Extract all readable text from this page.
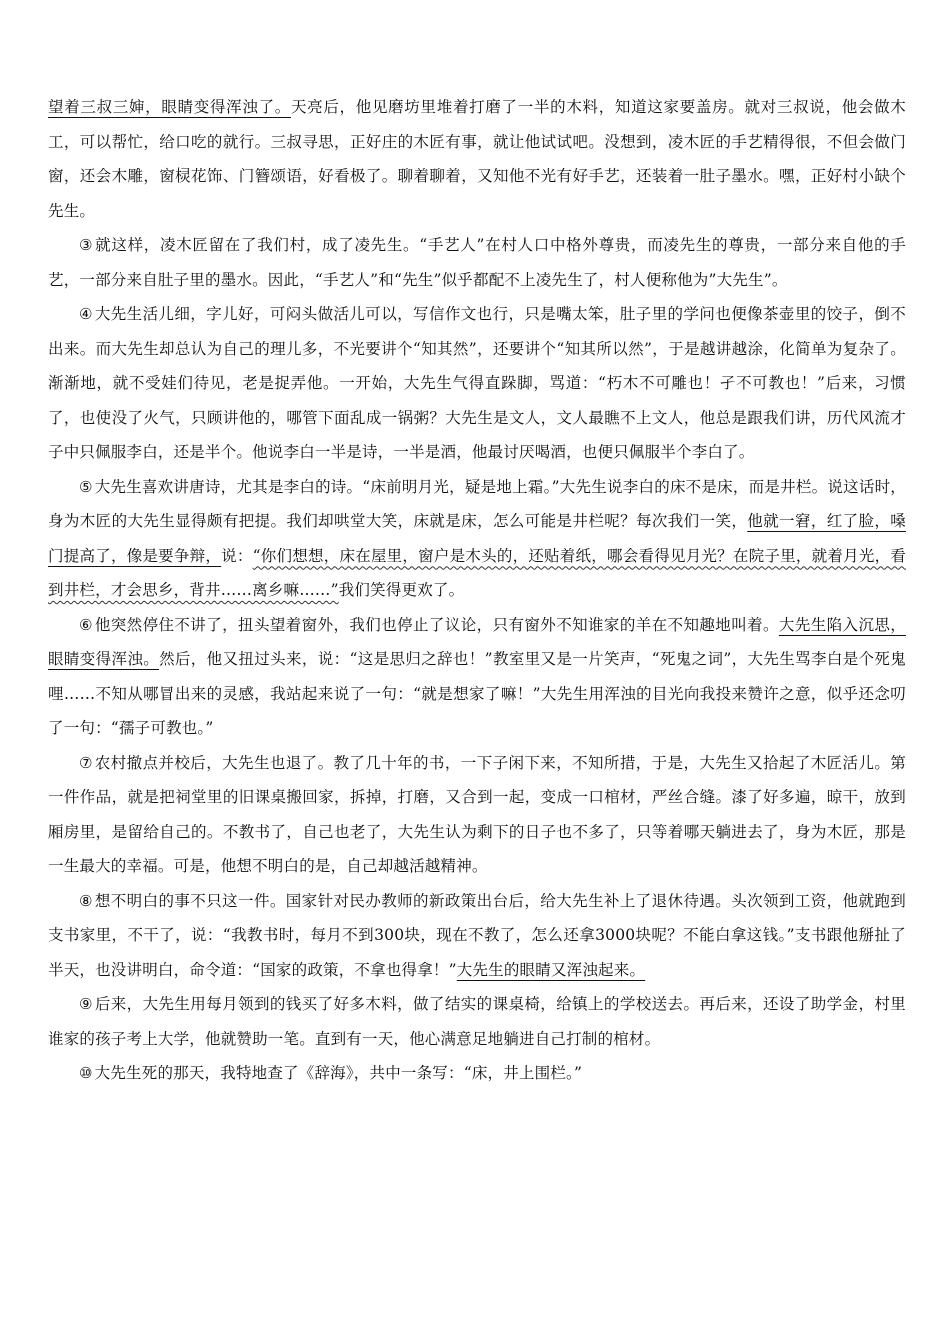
望着三叔三婶，眼睛变得浑浊了。天亮后，他见磨坊里堆着打磨了一半的木料，知道这家要盖房。就对三叔说，他会做木工，可以帮忙，给口吃的就行。三叔寻思，正好庄的木匠有事，就让他试试吧。没想到，凌木匠的手艺精得很，不但会做门窗，还会木雕，窗棂花饰、门簪颂语，好看极了。聊着聊着，又知他不光有好手艺，还装着一肚子墨水。嘿，正好村小缺个先生。

③ 就这样，凌木匠留在了我们村，成了凌先生。“手艺人”在村人口中格外尊贵，而凌先生的尊贵，一部分来自他的手艺，一部分来自肚子里的墨水。因此，“手艺人”和“先生”似乎都配不上凌先生了，村人便称他为”大先生”。

④ 大先生活儿细，字儿好，可闷头做活儿可以，写信作文也行，只是嘴太笨，肚子里的学问也便像茶壶里的饺子，倒不出来。而大先生却总认为自己的理儿多，不光要讲个“知其然”，还要讲个“知其所以然”，于是越讲越涂，化简单为复杂了。渐渐地，就不受娃们待见，老是捉弄他。一开始，大先生气得直跺脚，骂道：“朽木不可雕也！孑不可教也！”后来，习惯了，也使没了火气，只顾讲他的，哪管下面乱成一锅粥？大先生是文人，文人最瞧不上文人，他总是跟我们讲，历代风流才子中只佩服李白，还是半个。他说李白一半是诗，一半是酒，他最讨厌喝酒，也便只佩服半个李白了。

⑤ 大先生喜欢讲唐诗，尤其是李白的诗。“床前明月光，疑是地上霜。”大先生说李白的床不是床，而是井栏。说这话时，身为木匠的大先生显得颇有把提。我们却哄堂大笑，床就是床，怎么可能是井栏呢？每次我们一笑，他就一窘，红了脸，嗓门提高了，像是要争辩，说：“你们想想，床在屋里，窗户是木头的，还贴着纸，哪会看得见月光？在院子里，就着月光，看到井栏，才会思乡，背井……离乡嘛……”我们笑得更欢了。

⑥ 他突然停住不讲了，扭头望着窗外，我们也停止了议论，只有窗外不知谁家的羊在不知趣地叫着。大先生陷入沉思，眼睛变得浑浊。然后，他又扭过头来，说：“这是思归之辞也！”教室里又是一片笑声，“死鬼之词”，大先生骂李白是个死鬼哩……不知从哪冒出来的灵感，我站起来说了一句：“就是想家了嘛！”大先生用浑浊的目光向我投来赞许之意，似乎还念叨了一句：“孺子可教也。”

⑦ 农村撤点并校后，大先生也退了。教了几十年的书，一下子闲下来，不知所措，于是，大先生又拾起了木匠活儿。第一件作品，就是把祠堂里的旧课桌搬回家，拆掉，打磨，又合到一起，变成一口棺材，严丝合缝。漆了好多遍，晾干，放到厢房里，是留给自己的。不教书了，自己也老了，大先生认为剩下的日子也不多了，只等着哪天躺进去了，身为木匠，那是一生最大的幸福。可是，他想不明白的是，自己却越活越精神。

⑧ 想不明白的事不只这一件。国家针对民办教师的新政策出台后，给大先生补上了退休待遇。头次领到工资，他就跑到支书家里，不干了，说：“我教书时，每月不到300块，现在不教了，怎么还拿3000块呢？不能白拿这钱。”支书跟他掰扯了半天，也没讲明白，命令道：“国家的政策，不拿也得拿！”大先生的眼睛又浑浊起来。

⑨ 后来，大先生用每月领到的钱买了好多木料，做了结实的课桌椅，给镇上的学校送去。再后来，还设了助学金，村里谁家的孩子考上大学，他就赞助一笔。直到有一天，他心满意足地躺进自己打制的棺材。

⑩ 大先生死的那天，我特地查了《辞海》，共中一条写：“床，井上围栏。”
